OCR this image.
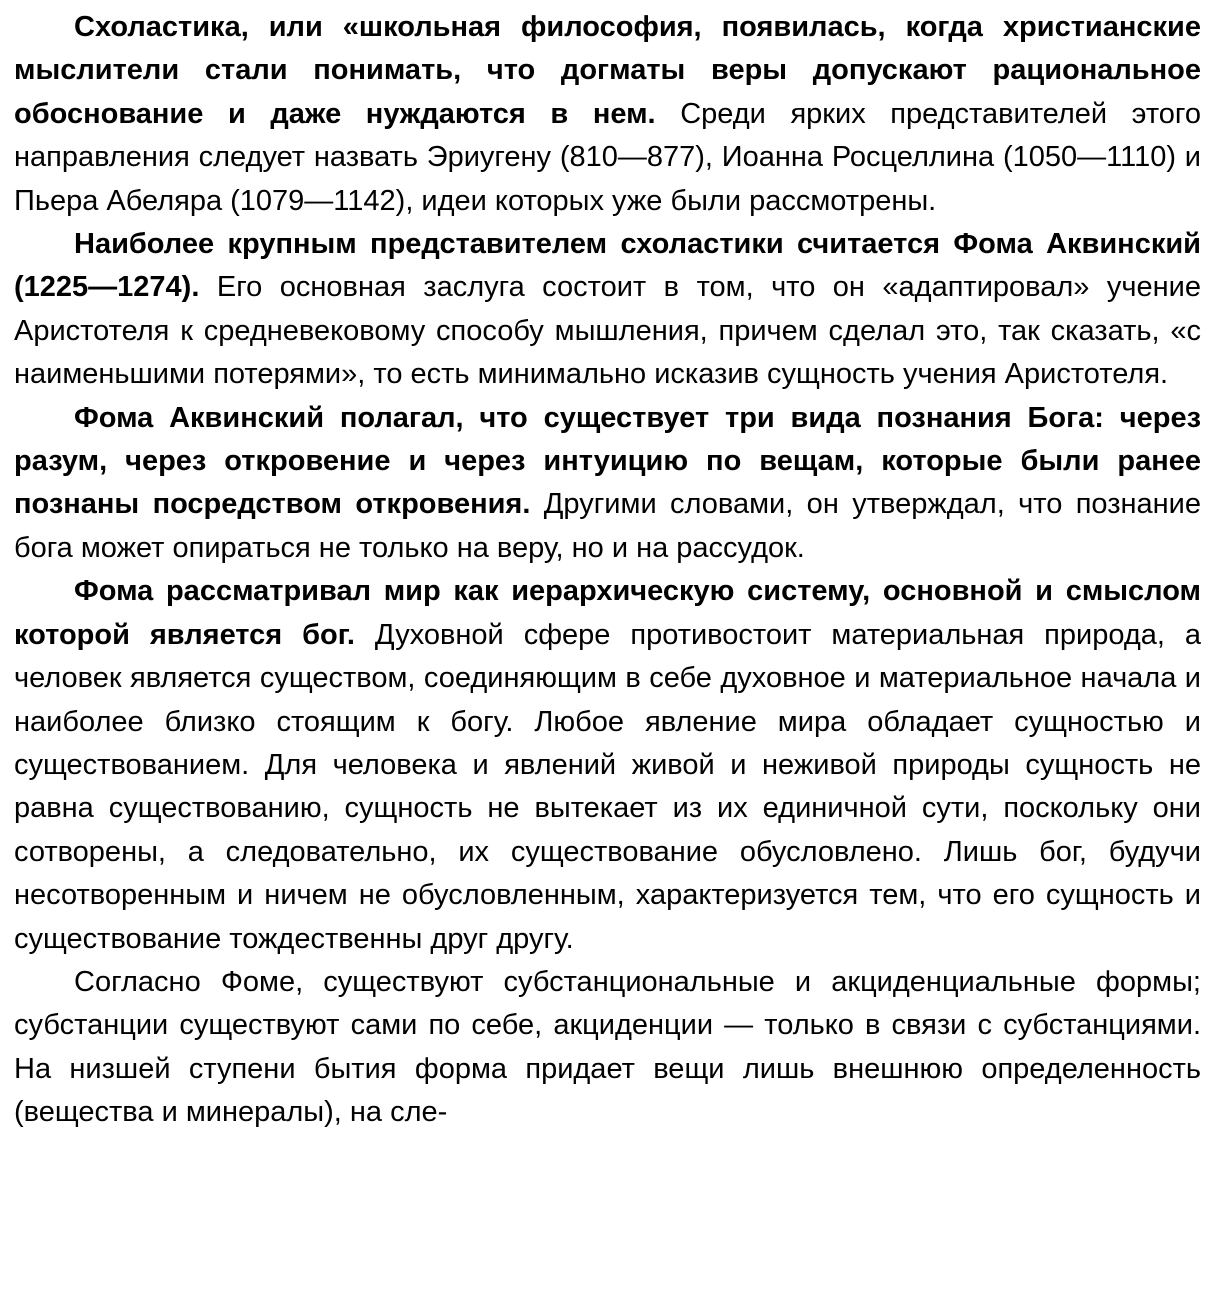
Схоластика, или «школьная философия, появилась, когда христианские мыслители стали понимать, что догматы веры допускают рациональное обоснование и даже нуждаются в нем. Среди ярких представителей этого направления следует назвать Эриугену (810—877), Иоанна Росцеллина (1050—1110) и Пьера Абеляра (1079—1142), идеи которых уже были рассмотрены.

Наиболее крупным представителем схоластики считается Фома Аквинский (1225—1274). Его основная заслуга состоит в том, что он «адаптировал» учение Аристотеля к средневековому способу мышления, причем сделал это, так сказать, «с наименьшими потерями», то есть минимально исказив сущность учения Аристотеля.

Фома Аквинский полагал, что существует три вида познания Бога: через разум, через откровение и через интуицию по вещам, которые были ранее познаны посредством откровения. Другими словами, он утверждал, что познание бога может опираться не только на веру, но и на рассудок.

Фома рассматривал мир как иерархическую систему, основной и смыслом которой является бог. Духовной сфере противостоит материальная природа, а человек является существом, соединяющим в себе духовное и материальное начала и наиболее близко стоящим к богу. Любое явление мира обладает сущностью и существованием. Для человека и явлений живой и неживой природы сущность не равна существованию, сущность не вытекает из их единичной сути, поскольку они сотворены, а следовательно, их существование обусловлено. Лишь бог, будучи несотворенным и ничем не обусловленным, характеризуется тем, что его сущность и существование тождественны друг другу.

Согласно Фоме, существуют субстанциональные и акциденциальные формы; субстанции существуют сами по себе, акциденции — только в связи с субстанциями. На низшей ступени бытия форма придает вещи лишь внешнюю определенность (вещества и минералы), на сле-
